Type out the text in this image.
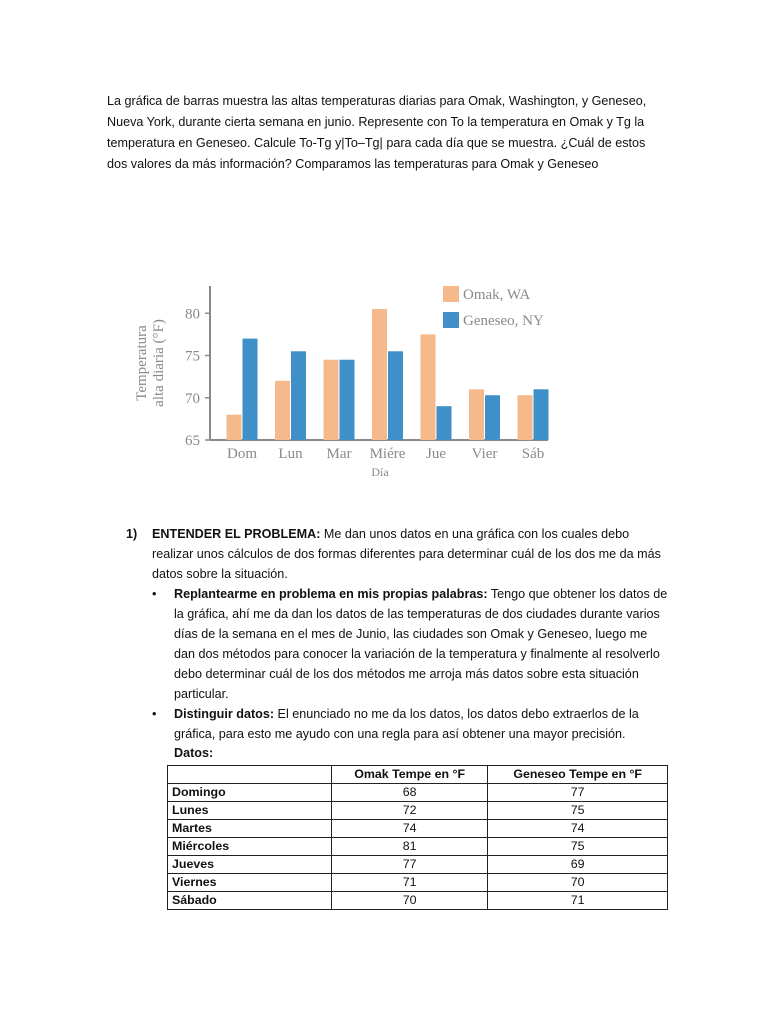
La gráfica de barras muestra las altas temperaturas diarias para Omak, Washington, y Geneseo, Nueva York, durante cierta semana en junio. Represente con To la temperatura en Omak y Tg la temperatura en Geneseo. Calcule To-Tg y|To–Tg| para cada día que se muestra. ¿Cuál de estos dos valores da más información? Comparamos las temperaturas para Omak y Geneseo

65
70
75
80
Temperatura alta diaria (°F)
Dom Lun Mar Miére Jue Vier Sáb
Día
Omak, WA
Geneseo, NY
1) ENTENDER EL PROBLEMA: Me dan unos datos en una gráfica con los cuales debo realizar unos cálculos de dos formas diferentes para determinar cuál de los dos me da más datos sobre la situación.
• Replantearme en problema en mis propias palabras: Tengo que obtener los datos de la gráfica, ahí me da dan los datos de las temperaturas de dos ciudades durante varios días de la semana en el mes de Junio, las ciudades son Omak y Geneseo, luego me dan dos métodos para conocer la variación de la temperatura y finalmente al resolverlo debo determinar cuál de los dos métodos me arroja más datos sobre esta situación particular.
• Distinguir datos: El enunciado no me da los datos, los datos debo extraerlos de la gráfica, para esto me ayudo con una regla para así obtener una mayor precisión.
Datos:
	Omak Tempe en °F	Geneseo Tempe en °F
Domingo	68	77
Lunes	72	75
Martes	74	74
Miércoles	81	75
Jueves	77	69
Viernes	71	70
Sábado	70	71
